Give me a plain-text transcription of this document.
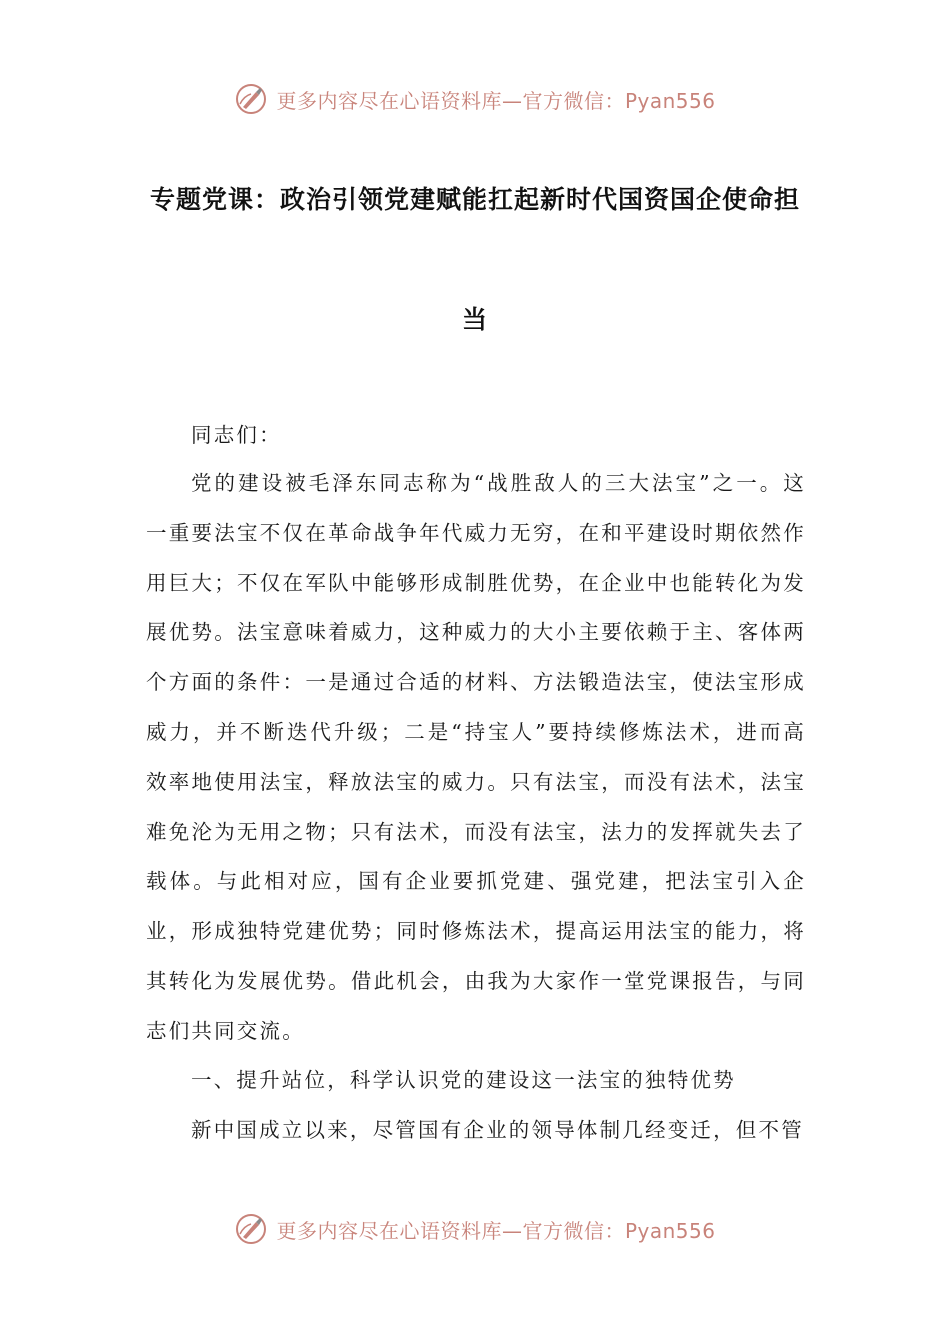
更多内容尽在心语资料库—官方微信：Pyan556
专题党课：政治引领党建赋能扛起新时代国资国企使命担
当

同志们：

党的建设被毛泽东同志称为“战胜敌人的三大法宝”之一。这一重要法宝不仅在革命战争年代威力无穷，在和平建设时期依然作用巨大；不仅在军队中能够形成制胜优势，在企业中也能转化为发展优势。法宝意味着威力，这种威力的大小主要依赖于主、客体两个方面的条件：一是通过合适的材料、方法锻造法宝，使法宝形成威力，并不断迭代升级；二是“持宝人”要持续修炼法术，进而高效率地使用法宝，释放法宝的威力。只有法宝，而没有法术，法宝难免沦为无用之物；只有法术，而没有法宝，法力的发挥就失去了载体。与此相对应，国有企业要抓党建、强党建，把法宝引入企业，形成独特党建优势；同时修炼法术，提高运用法宝的能力，将其转化为发展优势。借此机会，由我为大家作一堂党课报告，与同志们共同交流。

一、提升站位，科学认识党的建设这一法宝的独特优势

新中国成立以来，尽管国有企业的领导体制几经变迁，但不管

更多内容尽在心语资料库—官方微信：Pyan556
